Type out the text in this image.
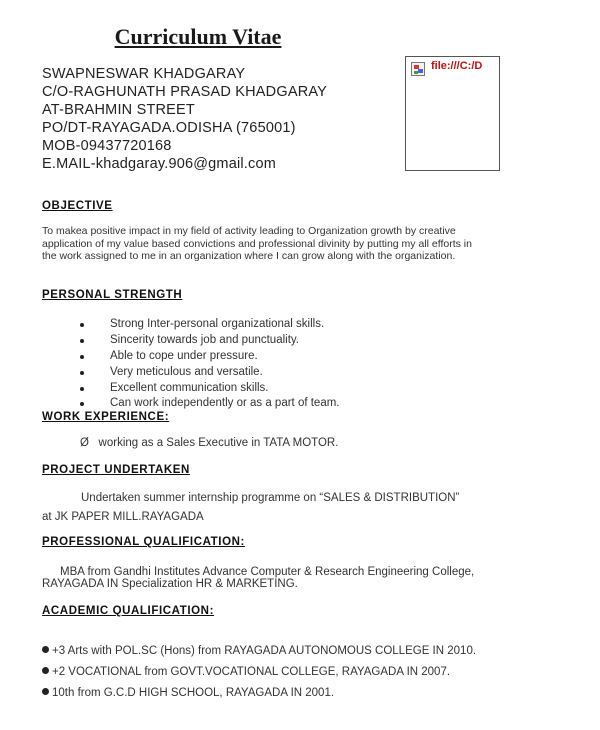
Curriculum Vitae
SWAPNESWAR KHADGARAY
C/O-RAGHUNATH PRASAD KHADGARAY
AT-BRAHMIN STREET
PO/DT-RAYAGADA.ODISHA (765001)
MOB-09437720168
E.MAIL-khadgaray.906@gmail.com
file:///C:/D
OBJECTIVE
To makea positive impact in my field of activity leading to Organization growth by creative
application of my value based convictions and professional divinity by putting my all efforts in
the work assigned to me in an organization where I can grow along with the organization.
PERSONAL STRENGTH
Strong Inter-personal organizational skills.
Sincerity towards job and punctuality.
Able to cope under pressure.
Very meticulous and versatile.
Excellent communication skills.
Can work independently or as a part of team.
WORK EXPERIENCE:
Ø working as a Sales Executive in TATA MOTOR.
PROJECT UNDERTAKEN
Undertaken summer internship programme on “SALES & DISTRIBUTION”
at JK PAPER MILL.RAYAGADA
PROFESSIONAL QUALIFICATION:
MBA from Gandhi Institutes Advance Computer & Research Engineering College,
RAYAGADA IN Specialization HR & MARKETING.
ACADEMIC QUALIFICATION:
+3 Arts with POL.SC (Hons) from RAYAGADA AUTONOMOUS COLLEGE IN 2010.
+2 VOCATIONAL from GOVT.VOCATIONAL COLLEGE, RAYAGADA IN 2007.
10th from G.C.D HIGH SCHOOL, RAYAGADA IN 2001.
